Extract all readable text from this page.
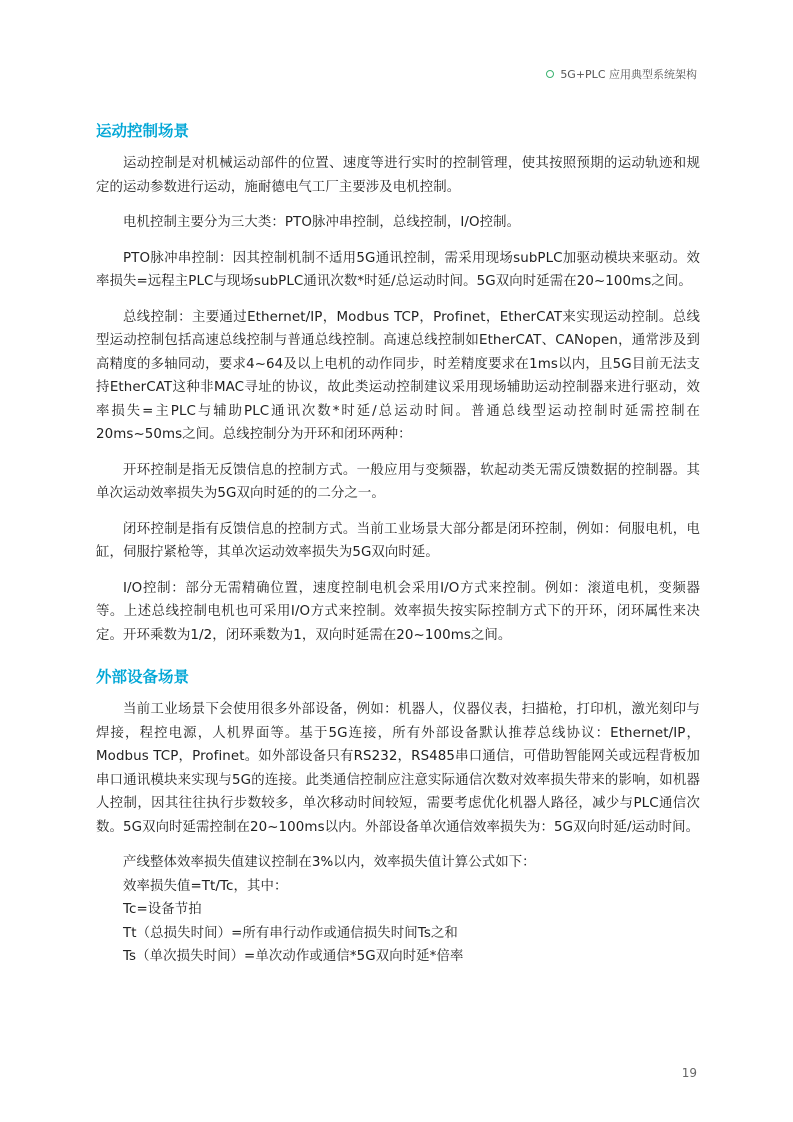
5G+PLC 应用典型系统架构
运动控制场景

运动控制是对机械运动部件的位置、速度等进行实时的控制管理，使其按照预期的运动轨迹和规定的运动参数进行运动，施耐德电气工厂主要涉及电机控制。

电机控制主要分为三大类：PTO脉冲串控制，总线控制，I/O控制。

PTO脉冲串控制：因其控制机制不适用5G通讯控制，需采用现场subPLC加驱动模块来驱动。效率损失=远程主PLC与现场subPLC通讯次数*时延/总运动时间。5G双向时延需在20~100ms之间。

总线控制：主要通过Ethernet/IP，Modbus TCP，Profinet，EtherCAT来实现运动控制。总线型运动控制包括高速总线控制与普通总线控制。高速总线控制如EtherCAT、CANopen，通常涉及到高精度的多轴同动，要求4~64及以上电机的动作同步，时差精度要求在1ms以内，且5G目前无法支持EtherCAT这种非MAC寻址的协议，故此类运动控制建议采用现场辅助运动控制器来进行驱动，效率损失=主PLC与辅助PLC通讯次数*时延/总运动时间。普通总线型运动控制时延需控制在20ms~50ms之间。总线控制分为开环和闭环两种：

开环控制是指无反馈信息的控制方式。一般应用与变频器，软起动类无需反馈数据的控制器。其单次运动效率损失为5G双向时延的的二分之一。

闭环控制是指有反馈信息的控制方式。当前工业场景大部分都是闭环控制，例如：伺服电机，电缸，伺服拧紧枪等，其单次运动效率损失为5G双向时延。

I/O控制：部分无需精确位置，速度控制电机会采用I/O方式来控制。例如：滚道电机，变频器等。上述总线控制电机也可采用I/O方式来控制。效率损失按实际控制方式下的开环，闭环属性来决定。开环乘数为1/2，闭环乘数为1，双向时延需在20~100ms之间。

外部设备场景

当前工业场景下会使用很多外部设备，例如：机器人，仪器仪表，扫描枪，打印机，激光刻印与焊接，程控电源，人机界面等。基于5G连接，所有外部设备默认推荐总线协议：Ethernet/IP，Modbus TCP，Profinet。如外部设备只有RS232，RS485串口通信，可借助智能网关或远程背板加串口通讯模块来实现与5G的连接。此类通信控制应注意实际通信次数对效率损失带来的影响，如机器人控制，因其往往执行步数较多，单次移动时间较短，需要考虑优化机器人路径，减少与PLC通信次数。5G双向时延需控制在20~100ms以内。外部设备单次通信效率损失为：5G双向时延/运动时间。

产线整体效率损失值建议控制在3%以内，效率损失值计算公式如下：

效率损失值=Tt/Tc，其中：

Tc=设备节拍

Tt（总损失时间）=所有串行动作或通信损失时间Ts之和

Ts（单次损失时间）=单次动作或通信*5G双向时延*倍率

19
